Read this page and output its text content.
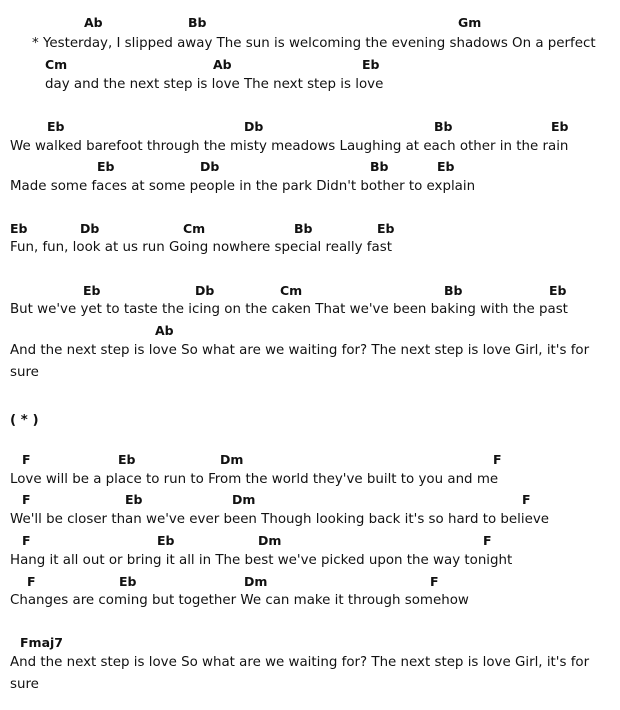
Ab	Bb	Gm
* Yesterday, I slipped away The sun is welcoming the evening shadows On a perfect
Cm	Ab	Eb
day and the next step is love The next step is love
Eb	Db	Bb	Eb
We walked barefoot through the misty meadows Laughing at each other in the rain
Eb	Db	Bb	Eb
Made some faces at some people in the park Didn't bother to explain
Eb	Db	Cm	Bb	Eb
Fun, fun, look at us run Going nowhere special really fast
Eb	Db	Cm	Bb	Eb
But we've yet to taste the icing on the caken That we've been baking with the past
Ab
And the next step is love So what are we waiting for? The next step is love Girl, it's for
sure
( * )
F	Eb	Dm	F
Love will be a place to run to From the world they've built to you and me
F	Eb	Dm	F
We'll be closer than we've ever been Though looking back it's so hard to believe
F	Eb	Dm	F
Hang it all out or bring it all in The best we've picked upon the way tonight
F	Eb	Dm	F
Changes are coming but together We can make it through somehow
Fmaj7
And the next step is love So what are we waiting for? The next step is love Girl, it's for
sure
